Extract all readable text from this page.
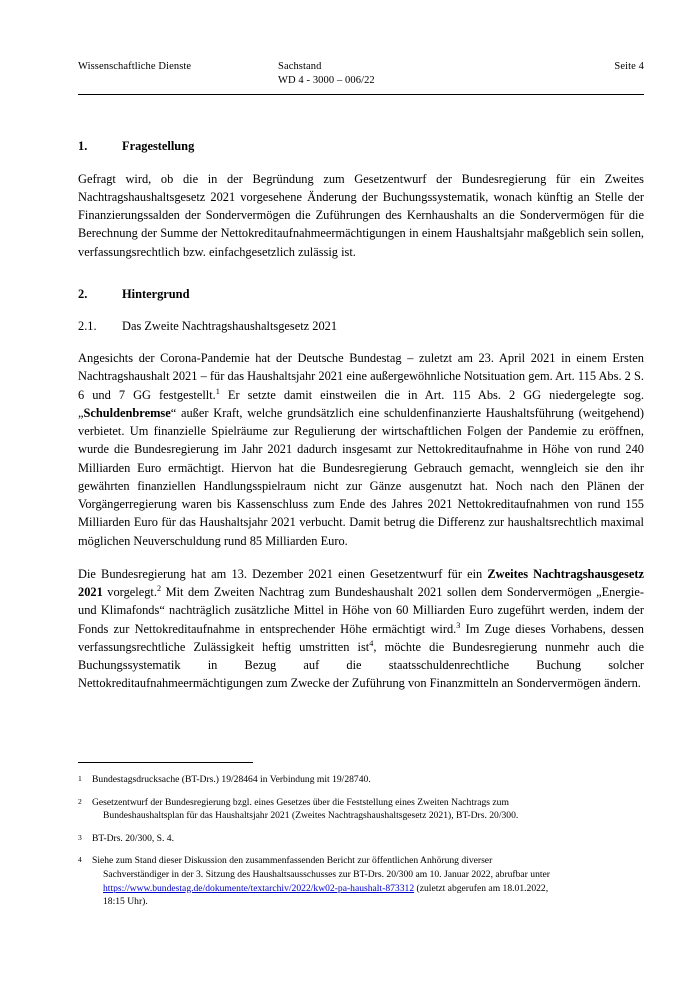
Wissenschaftliche Dienste	Sachstand
WD 4 - 3000 – 006/22
Seite 4
1.	Fragestellung

Gefragt wird, ob die in der Begründung zum Gesetzentwurf der Bundesregierung für ein Zweites Nachtragshaushaltsgesetz 2021 vorgesehene Änderung der Buchungssystematik, wonach künftig an Stelle der Finanzierungssalden der Sondervermögen die Zuführungen des Kernhaushalts an die Sondervermögen für die Berechnung der Summe der Nettokreditaufnahmeermächtigungen in einem Haushaltsjahr maßgeblich sein sollen, verfassungsrechtlich bzw. einfachgesetzlich zulässig ist.

2.	Hintergrund
2.1.	Das Zweite Nachtragshaushaltsgesetz 2021

Angesichts der Corona-Pandemie hat der Deutsche Bundestag – zuletzt am 23. April 2021 in einem Ersten Nachtragshaushalt 2021 – für das Haushaltsjahr 2021 eine außergewöhnliche Notsituation gem. Art. 115 Abs. 2 S. 6 und 7 GG festgestellt.$^1$ Er setzte damit einstweilen die in Art. 115 Abs. 2 GG niedergelegte sog. „Schuldenbremse“ außer Kraft, welche grundsätzlich eine schuldenfinanzierte Haushaltsführung (weitgehend) verbietet. Um finanzielle Spielräume zur Regulierung der wirtschaftlichen Folgen der Pandemie zu eröffnen, wurde die Bundesregierung im Jahr 2021 dadurch insgesamt zur Nettokreditaufnahme in Höhe von rund 240 Milliarden Euro ermächtigt. Hiervon hat die Bundesregierung Gebrauch gemacht, wenngleich sie den ihr gewährten finanziellen Handlungsspielraum nicht zur Gänze ausgenutzt hat. Noch nach den Plänen der Vorgängerregierung waren bis Kassenschluss zum Ende des Jahres 2021 Nettokreditaufnahmen von rund 155 Milliarden Euro für das Haushaltsjahr 2021 verbucht. Damit betrug die Differenz zur haushaltsrechtlich maximal möglichen Neuverschuldung rund 85 Milliarden Euro.

Die Bundesregierung hat am 13. Dezember 2021 einen Gesetzentwurf für ein Zweites Nachtragshausgesetz 2021 vorgelegt.$^2$ Mit dem Zweiten Nachtrag zum Bundeshaushalt 2021 sollen dem Sondervermögen „Energie- und Klimafonds“ nachträglich zusätzliche Mittel in Höhe von 60 Milliarden Euro zugeführt werden, indem der Fonds zur Nettokreditaufnahme in entsprechender Höhe ermächtigt wird.$^3$ Im Zuge dieses Vorhabens, dessen verfassungsrechtliche Zulässigkeit heftig umstritten ist$^4$, möchte die Bundesregierung nunmehr auch die Buchungssystematik in Bezug auf die staatsschuldenrechtliche Buchung solcher Nettokreditaufnahmeermächtigungen zum Zwecke der Zuführung von Finanzmitteln an Sondervermögen ändern.

1	Bundestagsdrucksache (BT-Drs.) 19/28464 in Verbindung mit 19/28740.
2	Gesetzentwurf der Bundesregierung bzgl. eines Gesetzes über die Feststellung eines Zweiten Nachtrags zum
Bundeshaushaltsplan für das Haushaltsjahr 2021 (Zweites Nachtragshaushaltsgesetz 2021), BT-Drs. 20/300.
3	BT-Drs. 20/300, S. 4.
4	Siehe zum Stand dieser Diskussion den zusammenfassenden Bericht zur öffentlichen Anhörung diverser
Sachverständiger in der 3. Sitzung des Haushaltsausschusses zur BT-Drs. 20/300 am 10. Januar 2022, abrufbar unter
https://www.bundestag.de/dokumente/textarchiv/2022/kw02-pa-haushalt-873312 (zuletzt abgerufen am 18.01.2022,
18:15 Uhr).
